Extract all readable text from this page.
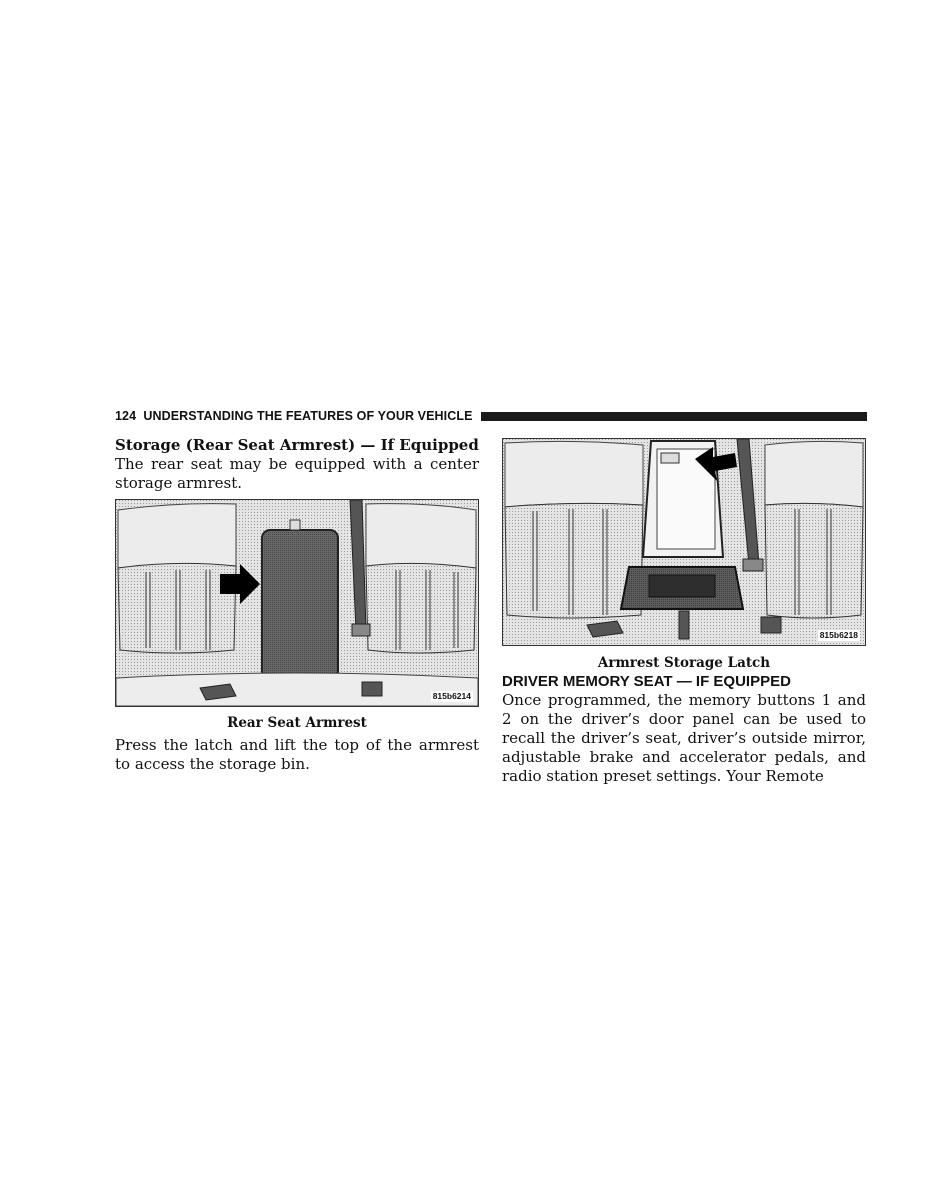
124 UNDERSTANDING THE FEATURES OF YOUR VEHICLE

Storage (Rear Seat Armrest) — If Equipped

The rear seat may be equipped with a center storage armrest.

815b6214
Rear Seat Armrest

Press the latch and lift the top of the armrest to access the storage bin.

815b6218
Armrest Storage Latch

DRIVER MEMORY SEAT — IF EQUIPPED

Once programmed, the memory buttons 1 and 2 on the driver’s door panel can be used to recall the driver’s seat, driver’s outside mirror, adjustable brake and accelerator pedals, and radio station preset settings. Your Remote
